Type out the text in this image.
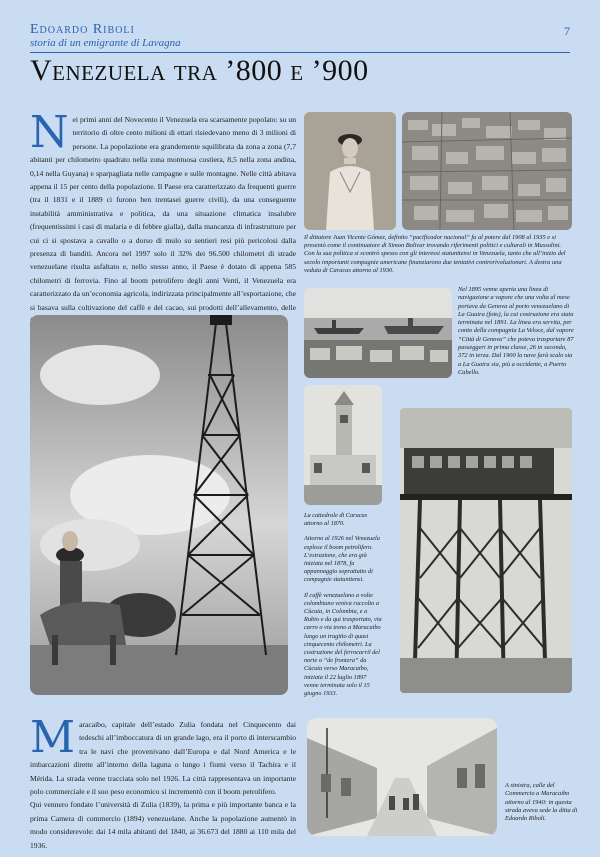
Edoardo Riboli
storia di un emigrante di Lavagna
7
Venezuela tra ’800 e ’900
Nei primi anni del Novecento il Venezuela era scarsamente popolato: su un territorio di oltre cento milioni di ettari risiedevano meno di 3 milioni di persone. La popolazione era grandemente squilibrata da zona a zona (7,7 abitanti per chilometro quadrato nella zona montuosa costiera, 8,5 nella zona andina, 0,14 nella Guyana) e sparpagliata nelle campagne e sulle montagne. Nelle città abitava appena il 15 per cento della popolazione. Il Paese era caratterizzato da frequenti guerre (tra il 1831 e il 1889 ci furono ben trentasei guerre civili), da una conseguente instabilità amministrativa e politica, da una situazione climatica insalubre (frequentissimi i casi di malaria e di febbre gialla), dalla mancanza di infrastrutture per cui ci si spostava a cavallo o a dorso di mulo su sentieri resi più pericolosi dalla presenza di banditi. Ancora nel 1997 solo il 32% dei 96.500 chilometri di strade venezuelane risulta asfaltato e, nello stesso anno, il Paese è dotato di appena 585 chilometri di ferrovia. Fino al boom petrolifero degli anni Venti, il Venezuela era caratterizzato da un’economia agricola, indirizzata principalmente all’esportazione, che si basava sulla coltivazione del caffè e del cacao, sui prodotti dell’allevamento, delle
Il dittatore Juan Vicente Gómez, definito “pacificador nacional” fu al potere dal 1908 al 1935 e si presentò come il continuatore di Simon Bolivar trovando riferimenti politici e culturali in Mussolini. Con la sua politica si scontrò spesso con gli interessi statunitensi in Venezuela, tanto che all’inizio del secolo importanti compagnie americane finanziarono due tentativi controrivoluzionari. A destra una veduta di Caracas attorno al 1930.
Nel 1895 venne aperta una linea di navigazione a vapore che una volta al mese portava da Genova al porto venezuelano di La Guaira (foto), la cui costruzione era stata terminata nel 1891. La linea era servita, per conto della compagnia La Veloce, dal vapore “Città di Genova” che poteva trasportare 87 passeggeri in prima classe, 26 in seconda, 372 in terza. Dal 1900 la nave farà scalo sia a La Guaira sia, più a occidente, a Puerto Cabello.

La cattedrale di Caracas attorno al 1870.

Attorno al 1926 nel Venezuela esplose il boom petrolifero. L’estrazione, che era già iniziata nel 1878, fu appannaggio soprattutto di compagnie statunitensi.

Il caffè venezuelano a volte colombiano veniva raccolto a Cùcuta, in Colombia, e a Rubio e da qui trasportato, via carro o via treno a Maracaibo lungo un tragitto di quasi cinquecento chilometri. La costruzione del ferrocarril del norte o “de frontera” da Cùcuta verso Maracaibo, iniziata il 22 luglio 1897 venne terminata solo il 15 giugno 1933.

Maracaibo, capitale dell’estado Zulia fondata nel Cinquecento dai tedeschi all’imboccatura di un grande lago, era il porto di interscambio tra le navi che provenivano dall’Europa e dal Nord America e le imbarcazioni dirette all’interno della laguna o lungo i fiumi verso il Tachira e il Mérida. La strada venne tracciata solo nel 1926. La città rappresentava un importante polo commerciale e il suo peso economico si incrementò con il boom petrolifero.

Qui vennero fondate l’università di Zulia (1839), la prima e più importante banca e la prima Camera di commercio (1894) venezuelane. Anche la popolazione aumentò in modo considerevole: dai 14 mila abitanti del 1840, ai 36.673 del 1880 ai 110 mila del 1936.

A sinistra, calle del Commercio a Maracaibo attorno al 1940: in questa strada aveva sede la ditta di Edoardo Riboli.
